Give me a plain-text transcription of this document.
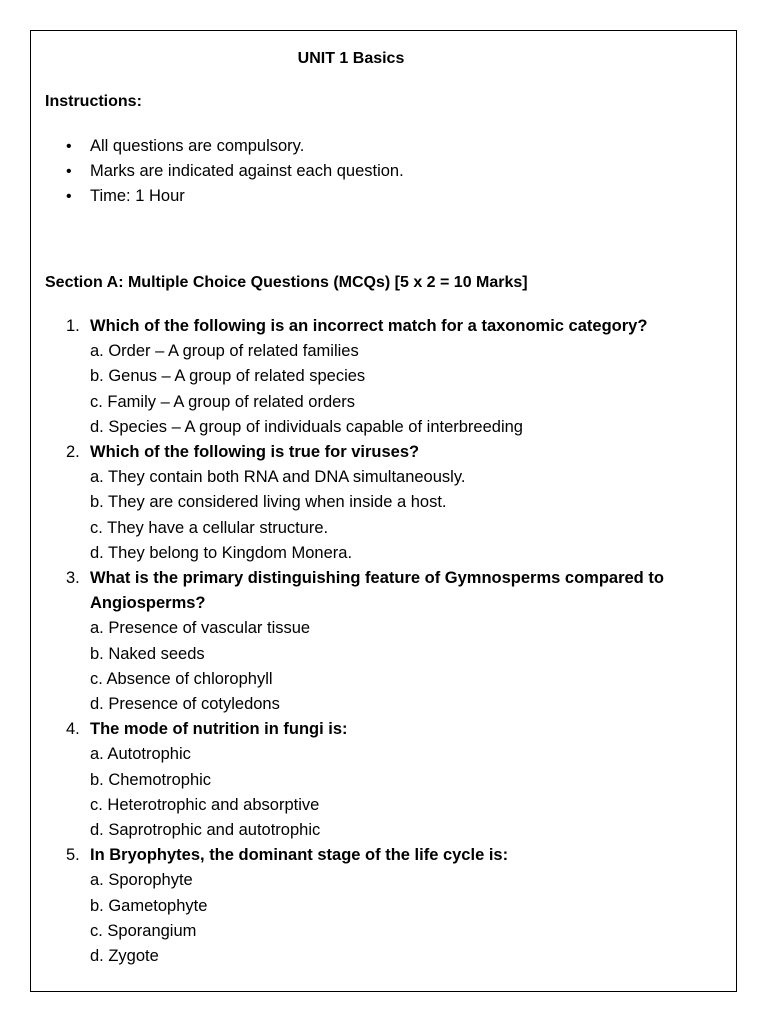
UNIT 1 Basics
Instructions:
• All questions are compulsory.
• Marks are indicated against each question.
• Time: 1 Hour
Section A: Multiple Choice Questions (MCQs) [5 x 2 = 10 Marks]
1. Which of the following is an incorrect match for a taxonomic category?
a. Order – A group of related families
b. Genus – A group of related species
c. Family – A group of related orders
d. Species – A group of individuals capable of interbreeding
2. Which of the following is true for viruses?
a. They contain both RNA and DNA simultaneously.
b. They are considered living when inside a host.
c. They have a cellular structure.
d. They belong to Kingdom Monera.
3. What is the primary distinguishing feature of Gymnosperms compared to Angiosperms?
a. Presence of vascular tissue
b. Naked seeds
c. Absence of chlorophyll
d. Presence of cotyledons
4. The mode of nutrition in fungi is:
a. Autotrophic
b. Chemotrophic
c. Heterotrophic and absorptive
d. Saprotrophic and autotrophic
5. In Bryophytes, the dominant stage of the life cycle is:
a. Sporophyte
b. Gametophyte
c. Sporangium
d. Zygote
